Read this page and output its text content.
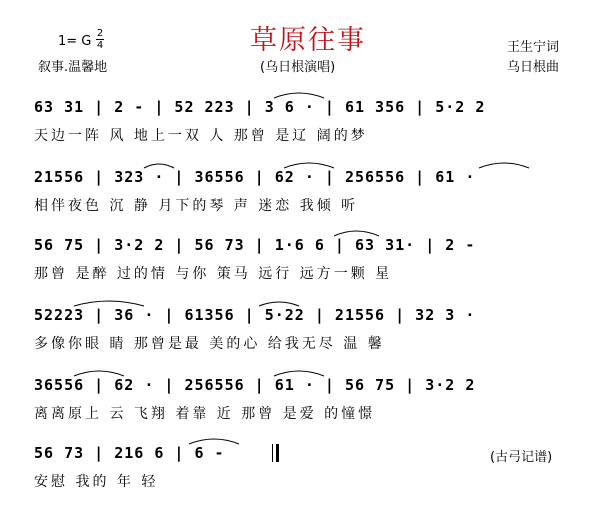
草原往事
1= G
2
4
叙事.温馨地	(乌日根演唱)
王生宁词
乌日根曲
63 31 | 2 - | 52 223 | 3 6 · | 61 356 | 5·2 2
天边一阵 风 地上一双 人 那曾 是辽 阔的梦
21556 | 323 · | 36556 | 62 · | 256556 | 61 ·
相伴夜色 沉 静 月下的琴 声 迷恋 我倾 听
56 75 | 3·2 2 | 56 73 | 1·6 6 | 63 31· | 2 -
那曾 是醉 过的情 与你 策马 远行 远方一颗 星
52223 | 36 · | 61356 | 5·22 | 21556 | 32 3 ·
多像你眼 睛 那曾是最 美的心 给我无尽 温 馨
36556 | 62 · | 256556 | 61 · | 56 75 | 3·2 2
离离原上 云 飞翔 着靠 近 那曾 是爱 的憧憬
56 73 | 216 6 | 6 -
安慰 我的 年 轻
(古弓记谱)
